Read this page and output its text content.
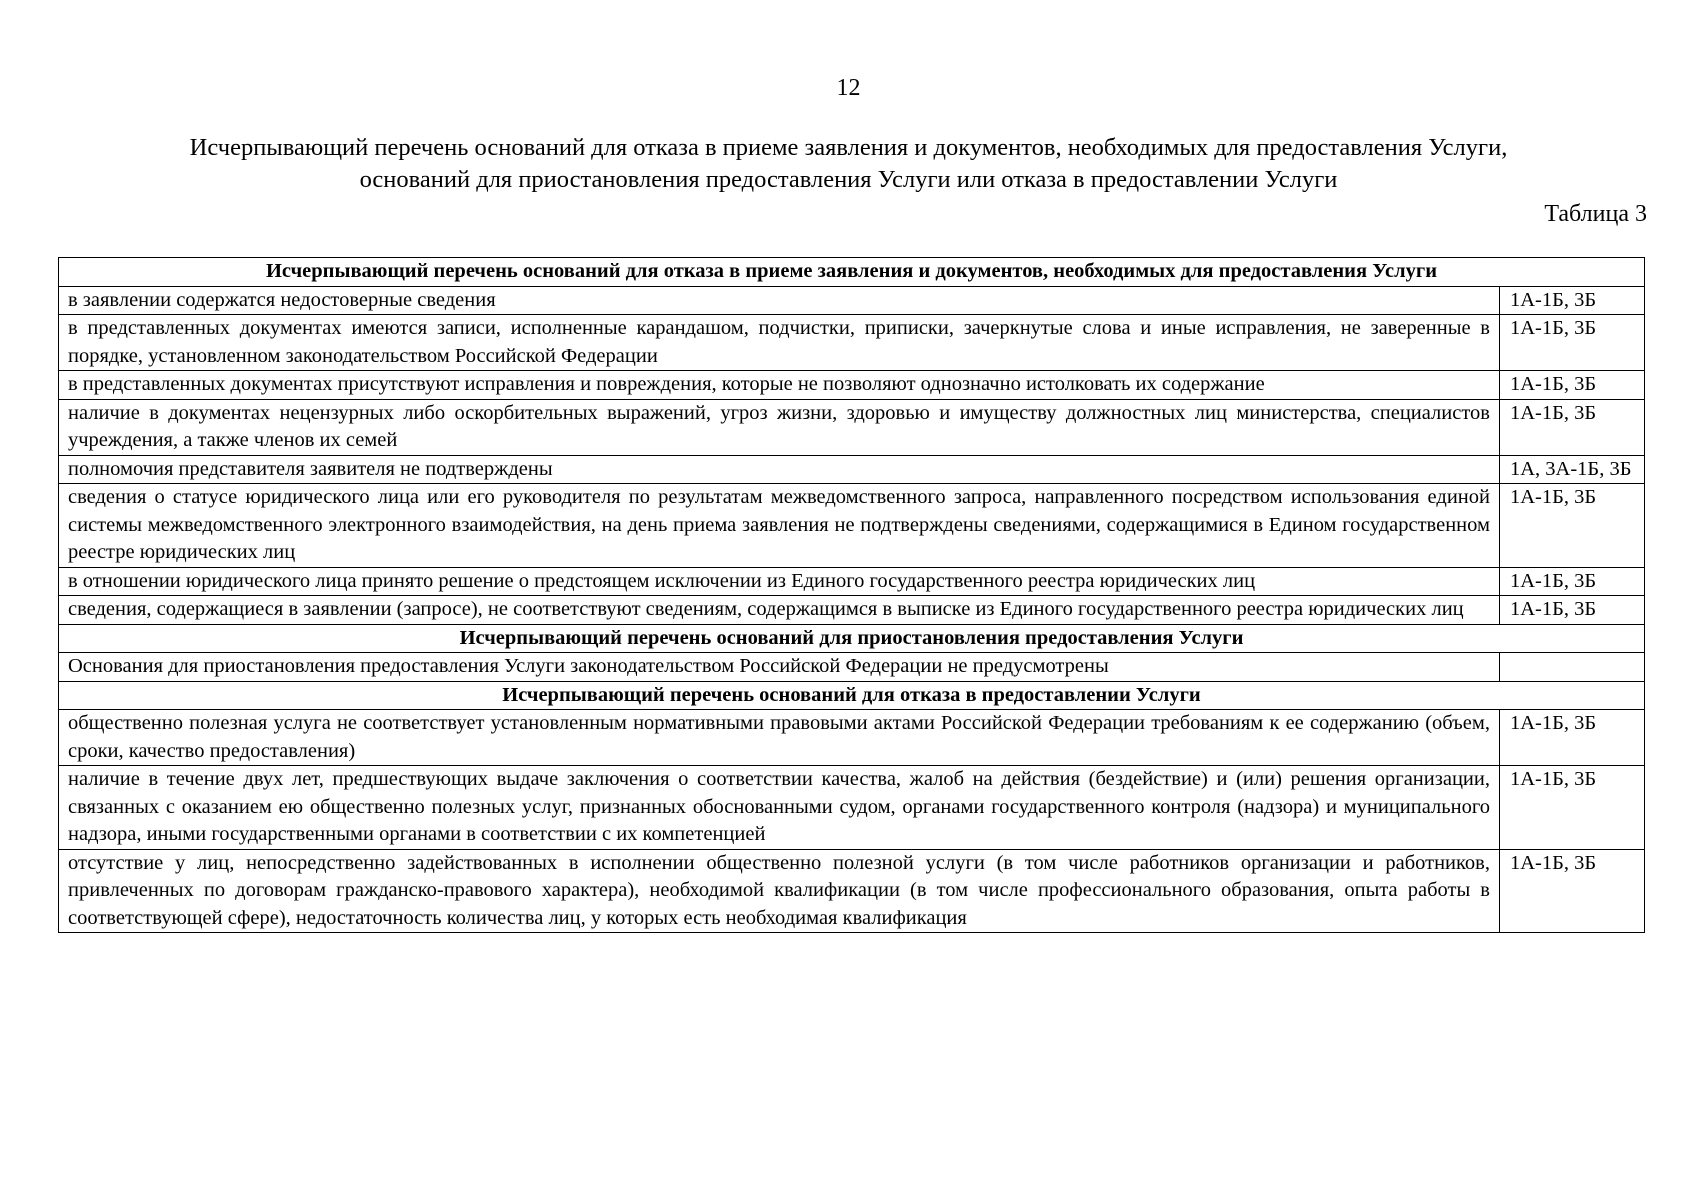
12
Исчерпывающий перечень оснований для отказа в приеме заявления и документов, необходимых для предоставления Услуги,
оснований для приостановления предоставления Услуги или отказа в предоставлении Услуги
Таблица 3
Исчерпывающий перечень оснований для отказа в приеме заявления и документов, необходимых для предоставления Услуги	
в заявлении содержатся недостоверные сведения	1А-1Б, 3Б
в представленных документах имеются записи, исполненные карандашом, подчистки, приписки, зачеркнутые слова и иные исправления, не заверенные в порядке, установленном законодательством Российской Федерации	1А-1Б, 3Б
в представленных документах присутствуют исправления и повреждения, которые не позволяют однозначно истолковать их содержание	1А-1Б, 3Б
наличие в документах нецензурных либо оскорбительных выражений, угроз жизни, здоровью и имуществу должностных лиц министерства, специалистов учреждения, а также членов их семей	1А-1Б, 3Б
полномочия представителя заявителя не подтверждены	1А, 3А-1Б, 3Б
сведения о статусе юридического лица или его руководителя по результатам межведомственного запроса, направленного посредством использования единой системы межведомственного электронного взаимодействия, на день приема заявления не подтверждены сведениями, содержащимися в Едином государственном реестре юридических лиц	1А-1Б, 3Б
в отношении юридического лица принято решение о предстоящем исключении из Единого государственного реестра юридических лиц	1А-1Б, 3Б
сведения, содержащиеся в заявлении (запросе), не соответствуют сведениям, содержащимся в выписке из Единого государственного реестра юридических лиц	1А-1Б, 3Б
Исчерпывающий перечень оснований для приостановления предоставления Услуги	
Основания для приостановления предоставления Услуги законодательством Российской Федерации не предусмотрены	
Исчерпывающий перечень оснований для отказа в предоставлении Услуги	
общественно полезная услуга не соответствует установленным нормативными правовыми актами Российской Федерации требованиям к ее содержанию (объем, сроки, качество предоставления)	1А-1Б, 3Б
наличие в течение двух лет, предшествующих выдаче заключения о соответствии качества, жалоб на действия (бездействие) и (или) решения организации, связанных с оказанием ею общественно полезных услуг, признанных обоснованными судом, органами государственного контроля (надзора) и муниципального надзора, иными государственными органами в соответствии с их компетенцией	1А-1Б, 3Б
отсутствие у лиц, непосредственно задействованных в исполнении общественно полезной услуги (в том числе работников организации и работников, привлеченных по договорам гражданско-правового характера), необходимой квалификации (в том числе профессионального образования, опыта работы в соответствующей сфере), недостаточность количества лиц, у которых есть необходимая квалификация	1А-1Б, 3Б
